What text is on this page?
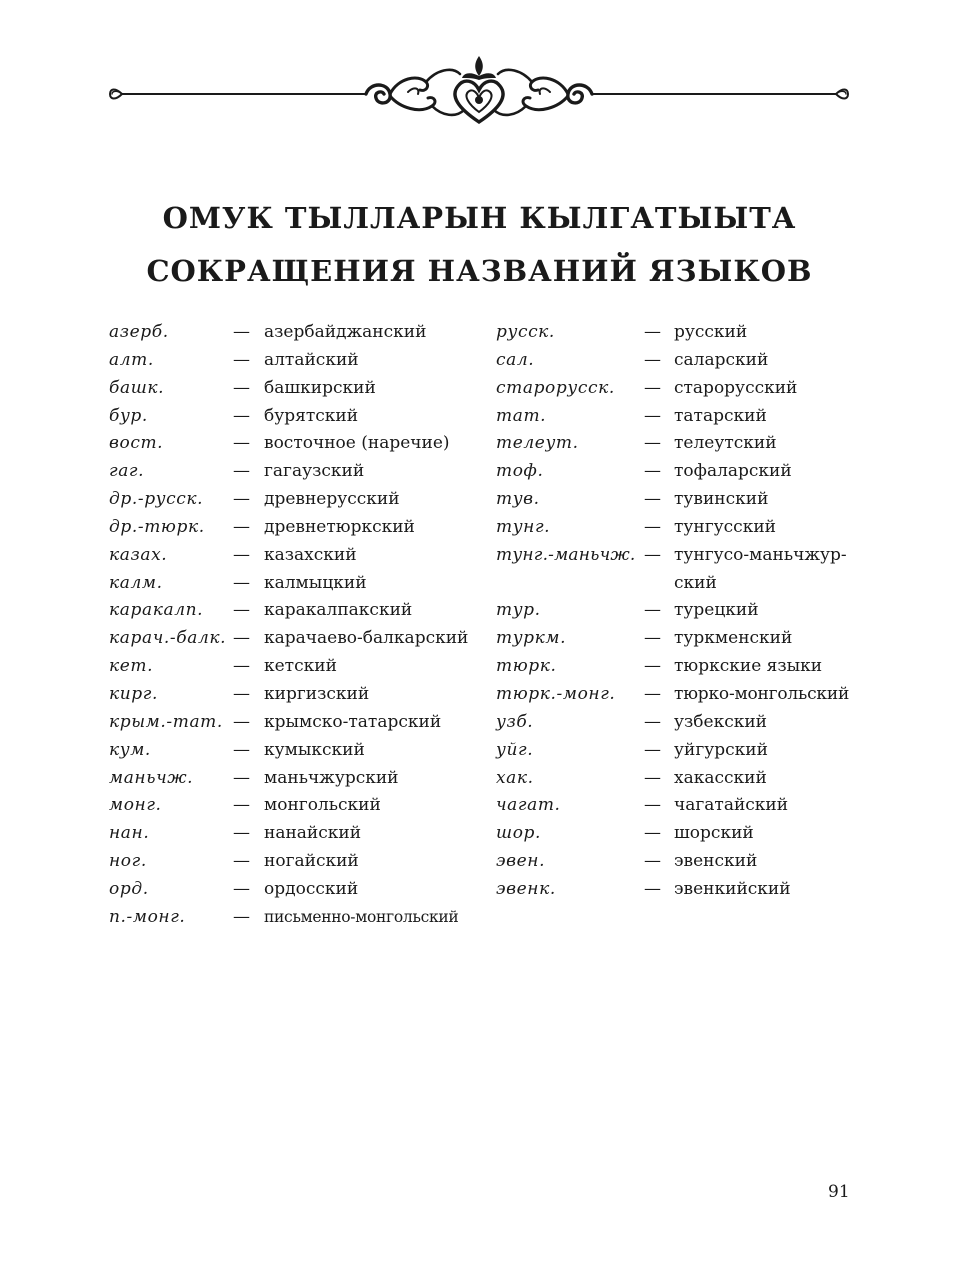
ОМУК ТЫЛЛАРЫН КЫЛГАТЫЫТА
СОКРАЩЕНИЯ НАЗВАНИЙ ЯЗЫКОВ
азерб.	— азербайджанский
алт.	— алтайский
башк.	— башкирский
бур.	— бурятский
вост.	— восточное (наречие)
гаг.	— гагаузский
др.-русск. — древнерусский
др.-тюрк. — древнетюркский
казах.	— казахский
калм.	— калмыцкий
каракалп. — каракалпакский
карач.-балк. — карачаево-балкарский
кет.	— кетский
кирг.	— киргизский
крым.-тат. — крымско-татарский
кум.	— кумыкский
маньчж. — маньчжурский
монг.	— монгольский
нан.	— нанайский
ног.	— ногайский
орд.	— ордосский
п.-монг.	— письменно-монгольский
русск.	— русский
сал.	— саларский
старорусск. — старорусский
тат.	— татарский
телеут.	— телеутский
тоф.	— тофаларский
тув.	— тувинский
тунг.	— тунгусский
тунг.-маньчж. — тунгусо-маньчжур-
ский
тур.	— турецкий
туркм.	— туркменский
тюрк.	— тюркские языки
тюрк.-монг. — тюрко-монгольский
узб.	— узбекский
уйг.	— уйгурский
хак.	— хакасский
чагат.	— чагатайский
шор.	— шорский
эвен.	— эвенский
эвенк.	— эвенкийский
91
